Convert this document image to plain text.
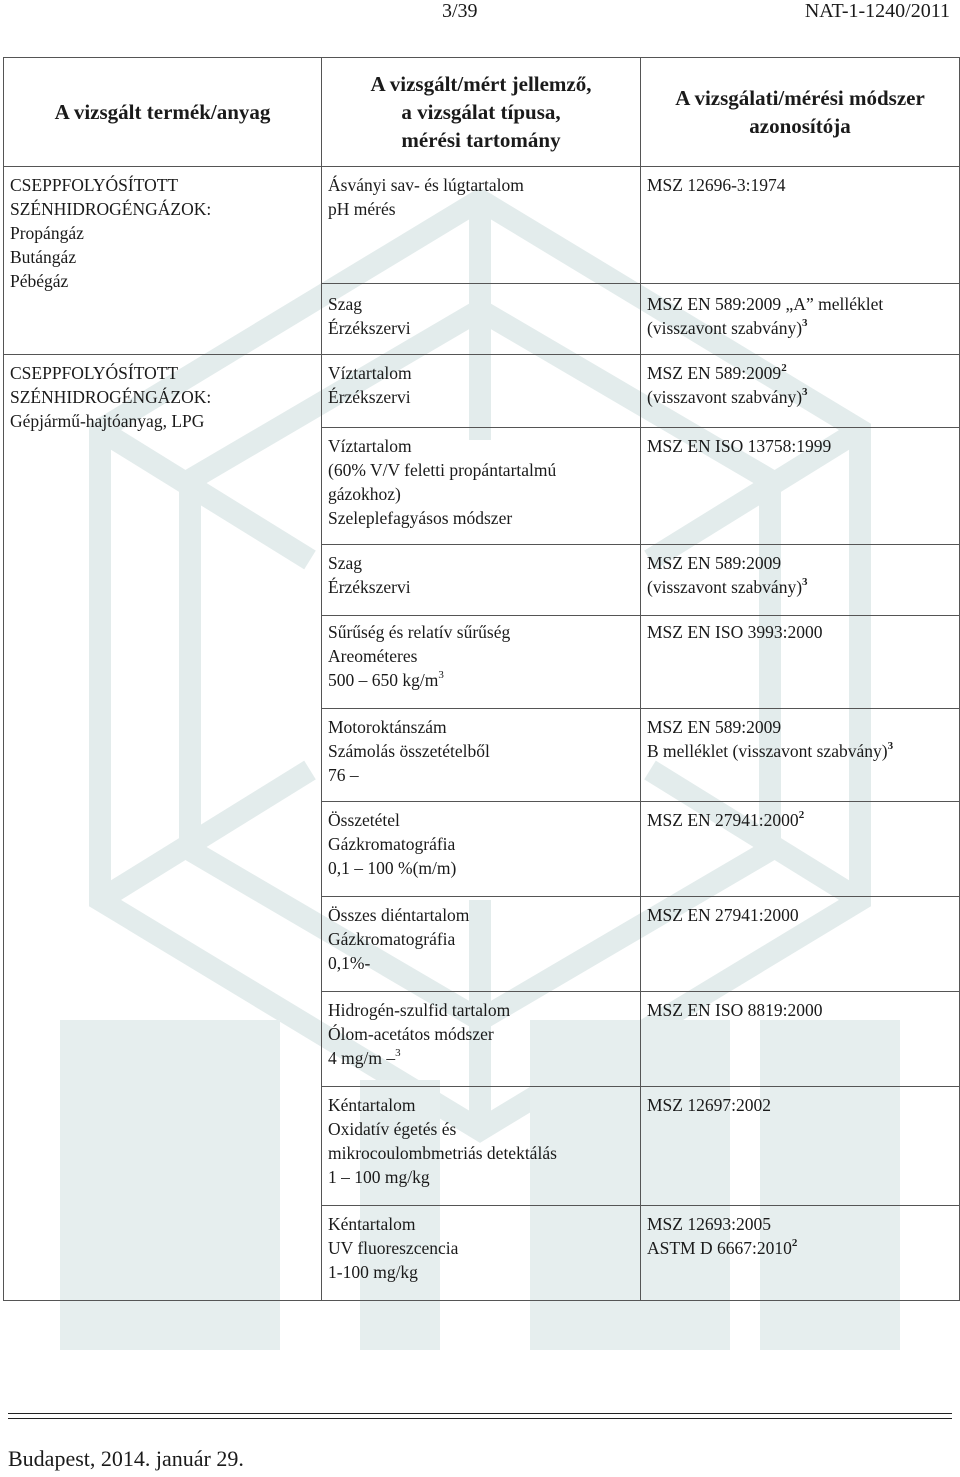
3/39	NAT-1-1240/2011
A vizsgált termék/anyag	A vizsgált/mért jellemző,
a vizsgálat típusa,
mérési tartomány	A vizsgálati/mérési módszer
azonosítója

CSEPPFOLYÓSÍTOTT
SZÉNHIDROGÉNGÁZOK:
Propángáz
Butángáz
Pébégáz	Ásványi sav- és lúgtartalom
pH mérés	MSZ 12696-3:1974

	Szag
Érzékszervi	MSZ EN 589:2009 „A” melléklet
(visszavont szabvány)$^3$

CSEPPFOLYÓSÍTOTT
SZÉNHIDROGÉNGÁZOK:
Gépjármű-hajtóanyag, LPG	Víztartalom
Érzékszervi	MSZ EN 589:2009$^2$
(visszavont szabvány)$^3$

	Víztartalom
(60% V/V feletti propántartalmú
gázokhoz)
Szeleplefagyásos módszer	MSZ EN ISO 13758:1999

	Szag
Érzékszervi	MSZ EN 589:2009
(visszavont szabvány)$^3$

	Sűrűség és relatív sűrűség
Areométeres
500 – 650 $kg/m^3$	MSZ EN ISO 3993:2000

	Motoroktánszám
Számolás összetételből
76 –	MSZ EN 589:2009
B melléklet (visszavont szabvány)$^3$

	Összetétel
Gázkromatográfia
0,1 – 100 %(m/m)	MSZ EN 27941:2000$^2$

	Összes diéntartalom
Gázkromatográfia
0,1%-	MSZ EN 27941:2000

	Hidrogén-szulfid tartalom
Ólom-acetátos módszer
4 mg/m –$^3$	MSZ EN ISO 8819:2000

	Kéntartalom
Oxidatív égetés és
mikrocoulombmetriás detektálás
1 – 100 mg/kg	MSZ 12697:2002

	Kéntartalom
UV fluoreszcencia
1-100 mg/kg	MSZ 12693:2005
ASTM D 6667:2010$^2$
Budapest, 2014. január 29.
